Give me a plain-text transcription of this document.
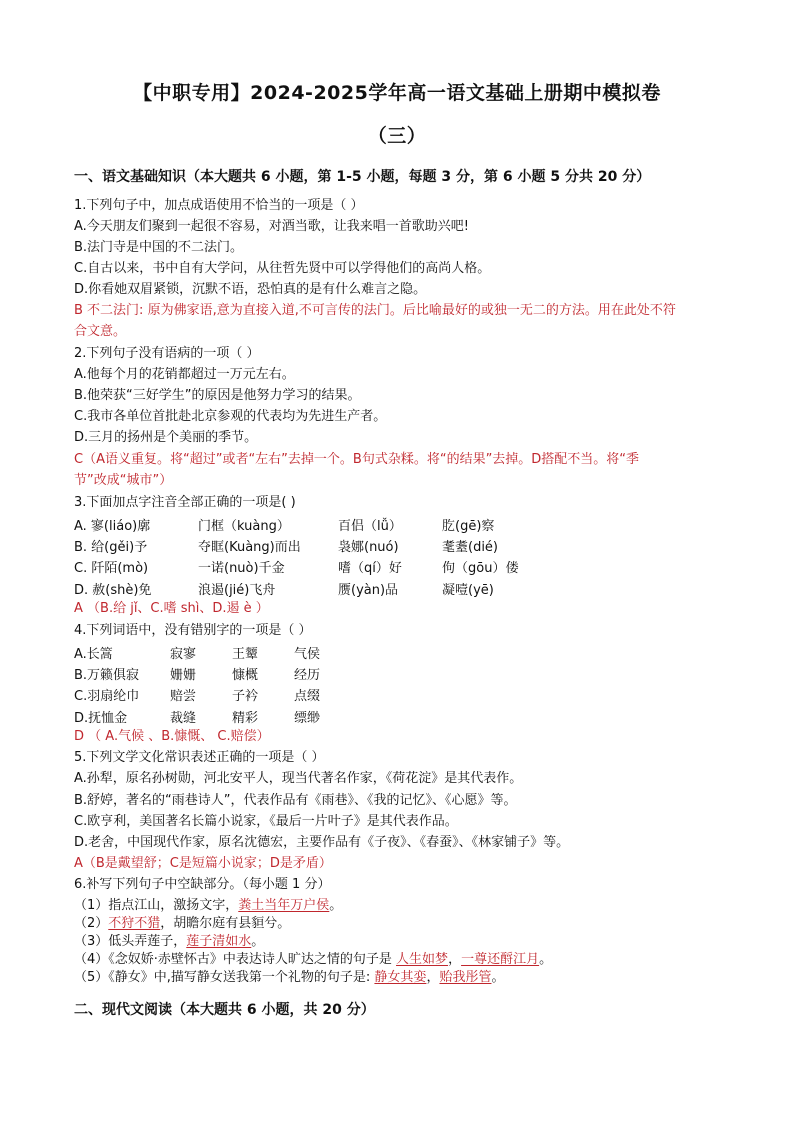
【中职专用】2024-2025学年高一语文基础上册期中模拟卷
（三）
一、语文基础知识（本大题共 6 小题，第 1-5 小题，每题 3 分，第 6 小题 5 分共 20 分）
1.下列句子中，加点成语使用不恰当的一项是（ ）
A.今天朋友们聚到一起很不容易，对酒当歌，让我来唱一首歌助兴吧!
B.法门寺是中国的不二法门。
C.自古以来，书中自有大学问，从往哲先贤中可以学得他们的高尚人格。
D.你看她双眉紧锁，沉默不语，恐怕真的是有什么难言之隐。
B 不二法门: 原为佛家语,意为直接入道,不可言传的法门。后比喻最好的或独一无二的方法。用在此处不符
合文意。
2.下列句子没有语病的一项（ ）
A.他每个月的花销都超过一万元左右。
B.他荣获“三好学生”的原因是他努力学习的结果。
C.我市各单位首批赴北京参观的代表均为先进生产者。
D.三月的扬州是个美丽的季节。
C（A语义重复。将“超过”或者“左右”去掉一个。B句式杂糅。将“的结果”去掉。D搭配不当。将“季
节”改成“城市”）
3.下面加点字注音全部正确的一项是( )
A. 寥(liáo)廓	门框（kuàng）	百侣（lǚ）	肐(gē)察
B. 给(gěi)予	夺眶(Kuàng)而出	袅娜(nuó)	耄耋(dié)
C. 阡陌(mò)	一诺(nuò)千金	嗜（qí）好	佝（gōu）偻
D. 赦(shè)免	浪遏(jié)飞舟	赝(yàn)品	凝噎(yē)
A （B.给 jǐ、C.嗜 shì、D.遏 è ）
4.下列词语中，没有错别字的一项是（ ）
A.长篙	寂寥	王颦	气侯
B.万籁俱寂 姗姗	慷概	经历
C.羽扇纶巾 赔尝	子衿	点缀
D.抚恤金	裁缝	精彩	缥缈
D （ A.气候 、B.慷慨、 C.赔偿）
5.下列文学文化常识表述正确的一项是（ ）
A.孙犁，原名孙树勋，河北安平人，现当代著名作家，《荷花淀》是其代表作。
B.舒婷，著名的“雨巷诗人”，代表作品有《雨巷》、《我的记忆》、《心愿》等。
C.欧亨利，美国著名长篇小说家，《最后一片叶子》是其代表作品。
D.老舍，中国现代作家，原名沈德宏，主要作品有《子夜》、《春蚕》、《林家铺子》等。
A（B是戴望舒；C是短篇小说家；D是矛盾）
6.补写下列句子中空缺部分。（每小题 1 分）
（1）指点江山，激扬文字，粪土当年万户侯。
（2）不狩不猎，胡瞻尔庭有县貆兮。
（3）低头弄莲子，莲子清如水。
（4）《念奴娇·赤壁怀古》中表达诗人旷达之情的句子是 人生如梦，一尊还酹江月。
（5）《静女》中,描写静女送我第一个礼物的句子是: 静女其娈，贻我彤管。
二、现代文阅读（本大题共 6 小题，共 20 分）
